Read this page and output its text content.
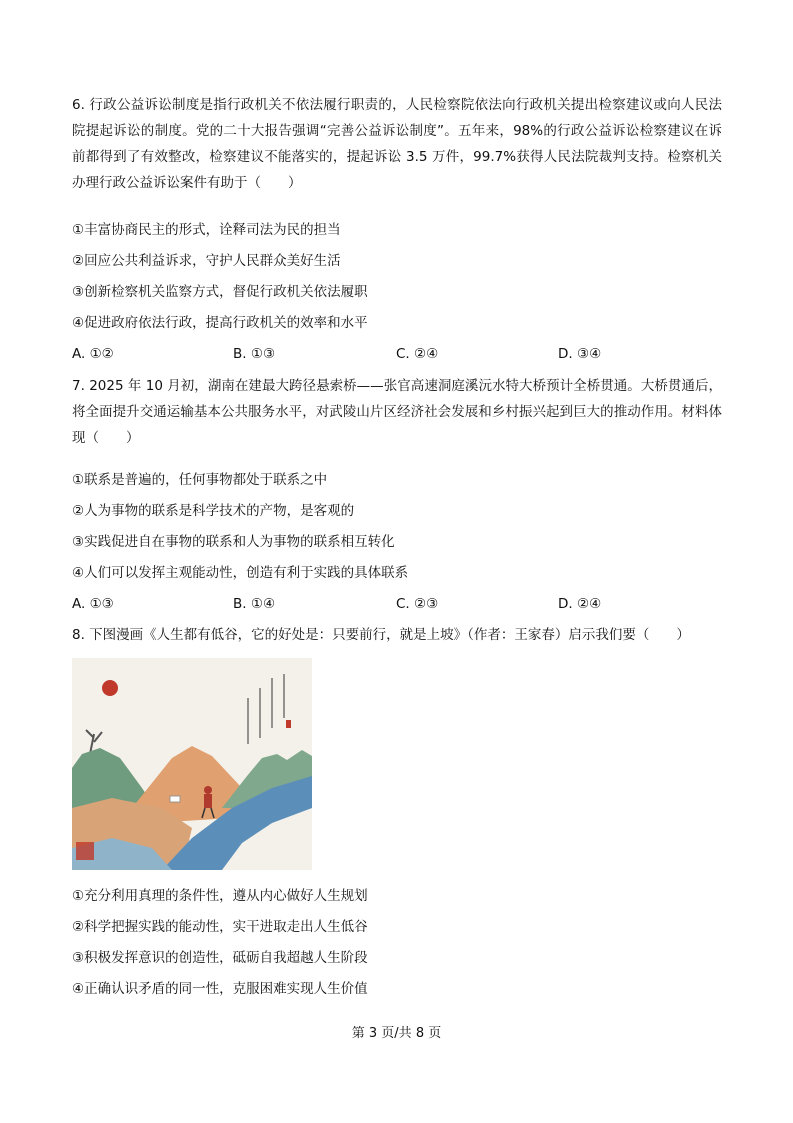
6. 行政公益诉讼制度是指行政机关不依法履行职责的，人民检察院依法向行政机关提出检察建议或向人民法院提起诉讼的制度。党的二十大报告强调“完善公益诉讼制度”。五年来，98%的行政公益诉讼检察建议在诉前都得到了有效整改，检察建议不能落实的，提起诉讼 3.5 万件，99.7%获得人民法院裁判支持。检察机关办理行政公益诉讼案件有助于（　　）
①丰富协商民主的形式，诠释司法为民的担当
②回应公共利益诉求，守护人民群众美好生活
③创新检察机关监察方式，督促行政机关依法履职
④促进政府依法行政，提高行政机关的效率和水平
A. ①②	B. ①③	C. ②④	D. ③④
7. 2025 年 10 月初，湖南在建最大跨径悬索桥——张官高速洞庭溪沅水特大桥预计全桥贯通。大桥贯通后，将全面提升交通运输基本公共服务水平，对武陵山片区经济社会发展和乡村振兴起到巨大的推动作用。材料体现（　　）
①联系是普遍的，任何事物都处于联系之中
②人为事物的联系是科学技术的产物，是客观的
③实践促进自在事物的联系和人为事物的联系相互转化
④人们可以发挥主观能动性，创造有利于实践的具体联系
A. ①③	B. ①④	C. ②③	D. ②④
8. 下图漫画《人生都有低谷，它的好处是：只要前行，就是上坡》（作者：王家春）启示我们要（　　）
①充分利用真理的条件性，遵从内心做好人生规划
②科学把握实践的能动性，实干进取走出人生低谷
③积极发挥意识的创造性，砥砺自我超越人生阶段
④正确认识矛盾的同一性，克服困难实现人生价值
第 3 页/共 8 页
